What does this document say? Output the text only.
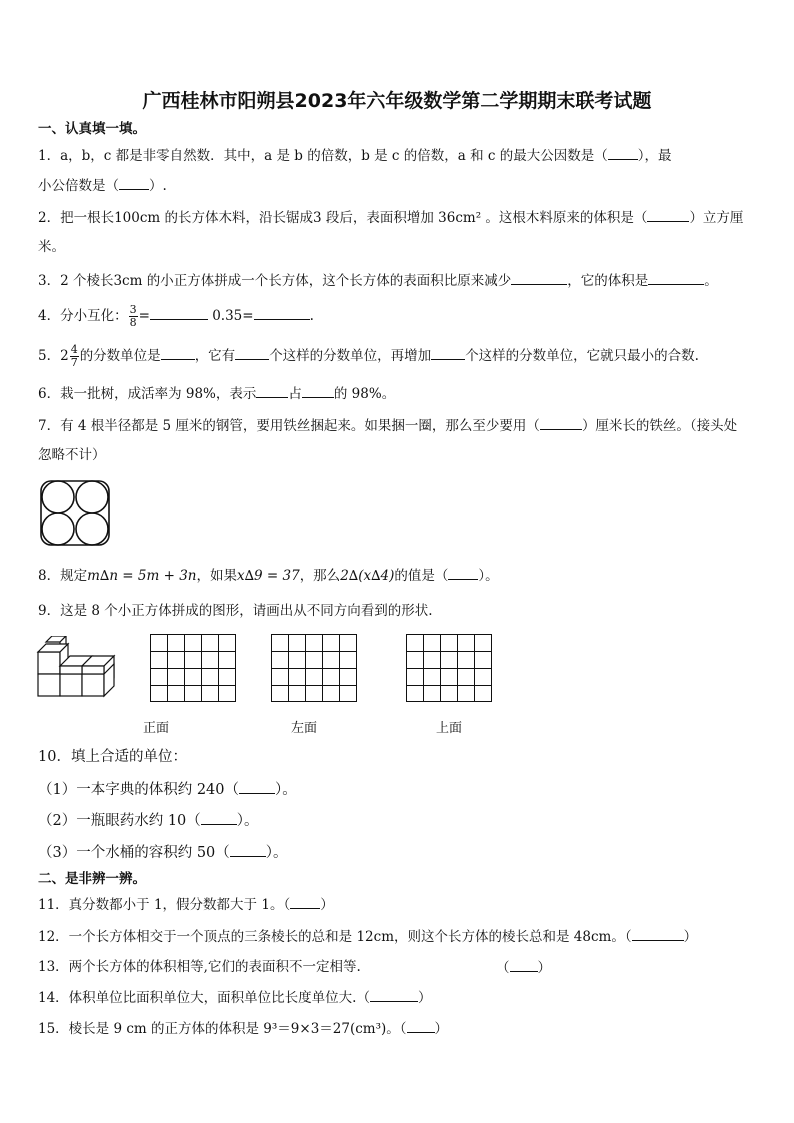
广西桂林市阳朔县2023年六年级数学第二学期期末联考试题
一、认真填一填。
1．a，b，c 都是非零自然数．其中，a 是 b 的倍数，b 是 c 的倍数，a 和 c 的最大公因数是（ ），最
小公倍数是（ ）.
2．把一根长100cm 的长方体木料，沿长锯成3 段后，表面积增加 36cm² 。这根木料原来的体积是（	）立方厘
米。
3．2 个棱长3cm 的小正方体拼成一个长方体，这个长方体的表面积比原来减少	，它的体积是	。
4．分小互化： $\frac{3}{8}$ =	0.35=	.
5．$2 \frac{4}{7}$ 的分数单位是	，它有	个这样的分数单位，再增加	个这样的分数单位，它就只最小的合数.
6．栽一批树，成活率为 98%，表示 占 的 98%。
7．有 4 根半径都是 5 厘米的钢管，要用铁丝捆起来。如果捆一圈，那么至少要用（	）厘米长的铁丝。（接头处
忽略不计）
8．规定m∆n = 5m + 3n，如果x∆9 = 37，那么2∆(x∆4)的值是（ ）。
9．这是 8 个小正方体拼成的图形，请画出从不同方向看到的形状.
正面	左面	上面
10．填上合适的单位：
（1）一本字典的体积约 240（ ）。
（2）一瓶眼药水约 10（ ）。
（3）一个水桶的容积约 50（ ）。
二、是非辨一辨。
11．真分数都小于 1，假分数都大于 1。（ ）
12．一个长方体相交于一个顶点的三条棱长的总和是 12cm，则这个长方体的棱长总和是 48cm。（	）
13．两个长方体的体积相等,它们的表面积不一定相等.	（ ）
14．体积单位比面积单位大，面积单位比长度单位大.（	）
15．棱长是 9 cm 的正方体的体积是 9³＝9×3＝27(cm³)。（ ）
